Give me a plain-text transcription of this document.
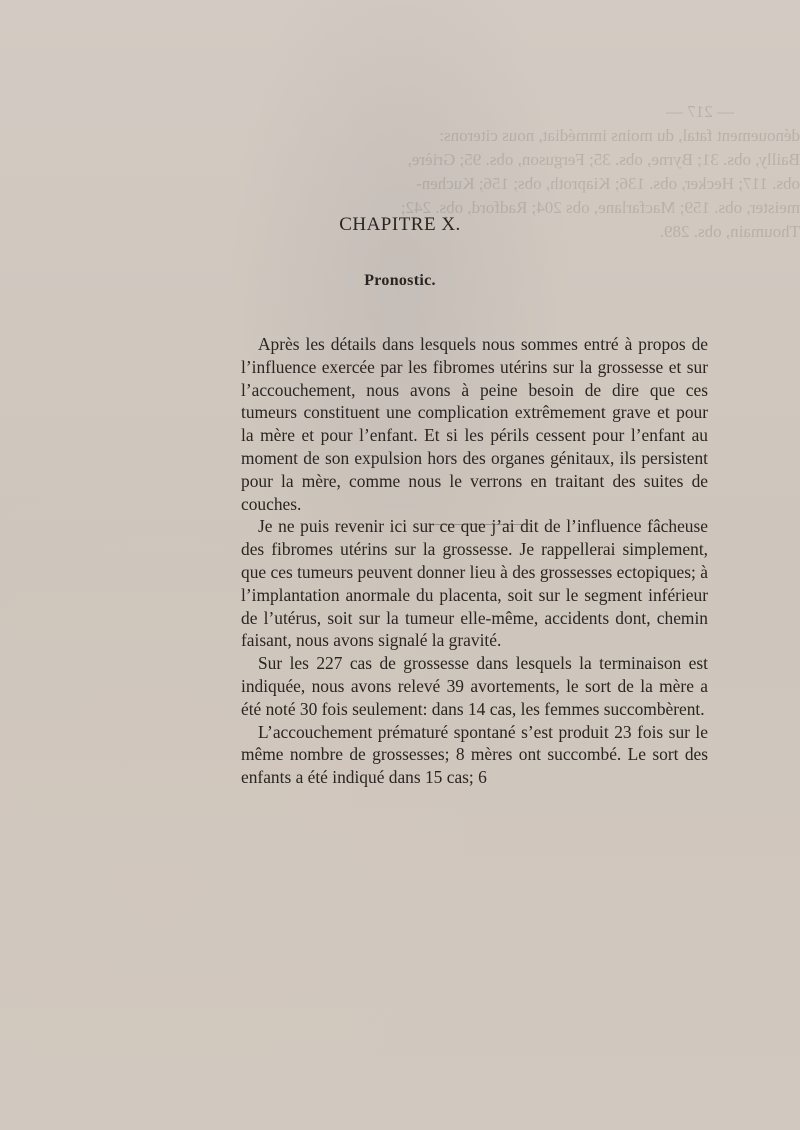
— 217 —
dénouement fatal, du moins immédiat, nous citerons:
Bailly, obs. 31; Byrne, obs. 35; Ferguson, obs. 95; Grière,
obs. 117; Hecker, obs. 136; Kiaproth, obs; 156; Kuchen-
meister, obs. 159; Macfarlane, obs 204; Radford, obs. 242;
Thoumain, obs. 289.
CHAPITRE X.
Pronostic.

Après les détails dans lesquels nous sommes entré à propos de l’influence exercée par les fibromes utérins sur la grossesse et sur l’accouchement, nous avons à peine besoin de dire que ces tumeurs constituent une complication extrêmement grave et pour la mère et pour l’enfant. Et si les périls cessent pour l’enfant au moment de son expulsion hors des organes génitaux, ils persistent pour la mère, comme nous le verrons en traitant des suites de couches.

Je ne puis revenir ici sur ce que j’ai dit de l’influence fâcheuse des fibromes utérins sur la grossesse. Je rappellerai simplement, que ces tumeurs peuvent donner lieu à des grossesses ectopiques; à l’implantation anormale du placenta, soit sur le segment inférieur de l’utérus, soit sur la tumeur elle-même, accidents dont, chemin faisant, nous avons signalé la gravité.

Sur les 227 cas de grossesse dans lesquels la terminaison est indiquée, nous avons relevé 39 avortements, le sort de la mère a été noté 30 fois seulement: dans 14 cas, les femmes succombèrent.

L’accouchement prématuré spontané s’est produit 23 fois sur le même nombre de grossesses; 8 mères ont succombé. Le sort des enfants a été indiqué dans 15 cas; 6
